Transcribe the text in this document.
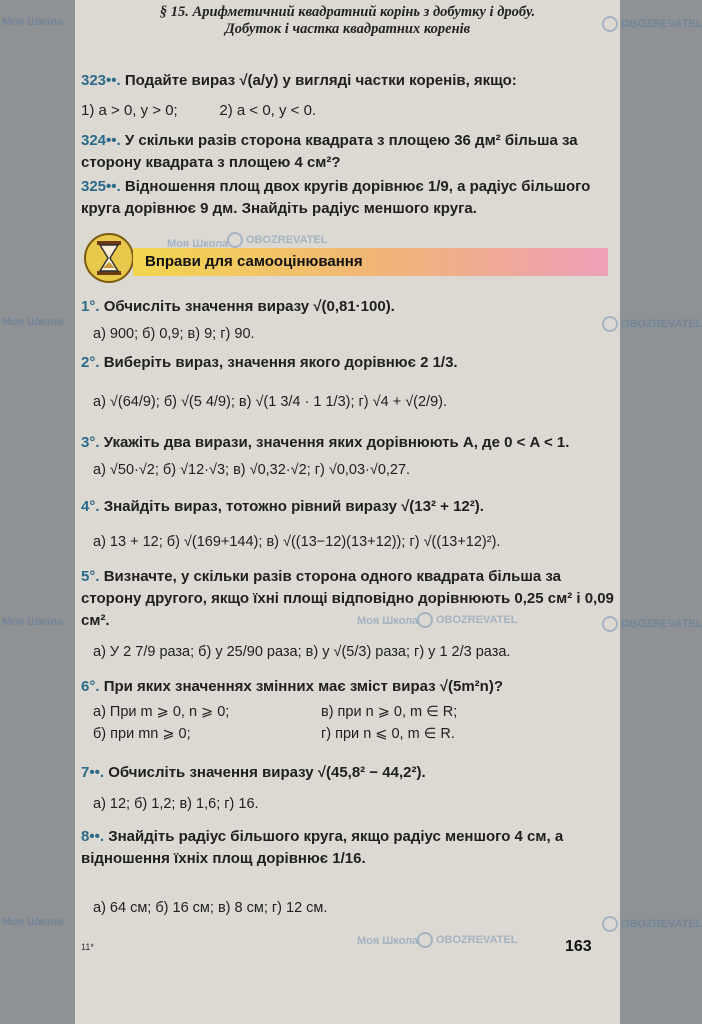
§ 15. Арифметичний квадратний корінь з добутку і дробу.
Добуток і частка квадратних коренів
323••. Подайте вираз √(a/y) у вигляді частки коренів, якщо:
1) a > 0, y > 0;          2) a < 0, y < 0.
324••. У скільки разів сторона квадрата з площею 36 дм² більша за сторону квадрата з площею 4 см²?
325••. Відношення площ двох кругів дорівнює 1/9, а радіус більшого круга дорівнює 9 дм. Знайдіть радіус меншого круга.
Вправи для самооцінювання
1°. Обчисліть значення виразу √(0,81·100).
а) 900; б) 0,9; в) 9; г) 90.
2°. Виберіть вираз, значення якого дорівнює 2 1/3.
а) √(64/9); б) √(5 4/9); в) √(1 3/4 · 1 1/3); г) √4 + √(2/9).
3°. Укажіть два вирази, значення яких дорівнюють A, де 0 < A < 1.
а) √50·√2; б) √12·√3; в) √0,32·√2; г) √0,03·√0,27.
4°. Знайдіть вираз, тотожно рівний виразу √(13² + 12²).
а) 13 + 12; б) √(169+144); в) √((13−12)(13+12)); г) √((13+12)²).
5°. Визначте, у скільки разів сторона одного квадрата більша за сторону другого, якщо їхні площі відповідно дорівнюють 0,25 см² і 0,09 см².
а) У 2 7/9 раза; б) у 25/90 раза; в) у √(5/3) раза; г) у 1 2/3 раза.
6°. При яких значеннях змінних має зміст вираз √(5m²n)?
а) При m ⩾ 0, n ⩾ 0;	в) при n ⩾ 0, m ∈ R;
б) при mn ⩾ 0;	г) при n ⩽ 0, m ∈ R.
7••. Обчисліть значення виразу √(45,8² − 44,2²).
а) 12; б) 1,2; в) 1,6; г) 16.
8••. Знайдіть радіус більшого круга, якщо радіус меншого 4 см, а відношення їхніх площ дорівнює 1/16.
а) 64 см; б) 16 см; в) 8 см; г) 12 см.
11*	163
Моя Школа	OBOZREVATEL
Моя Школа	OBOZREVATEL
Моя Школа	OBOZREVATEL
Моя Школа	OBOZREVATEL
Моя Школа	OBOZREVATEL
Моя Школа	OBOZREVATEL
Моя Школа	OBOZREVATEL
